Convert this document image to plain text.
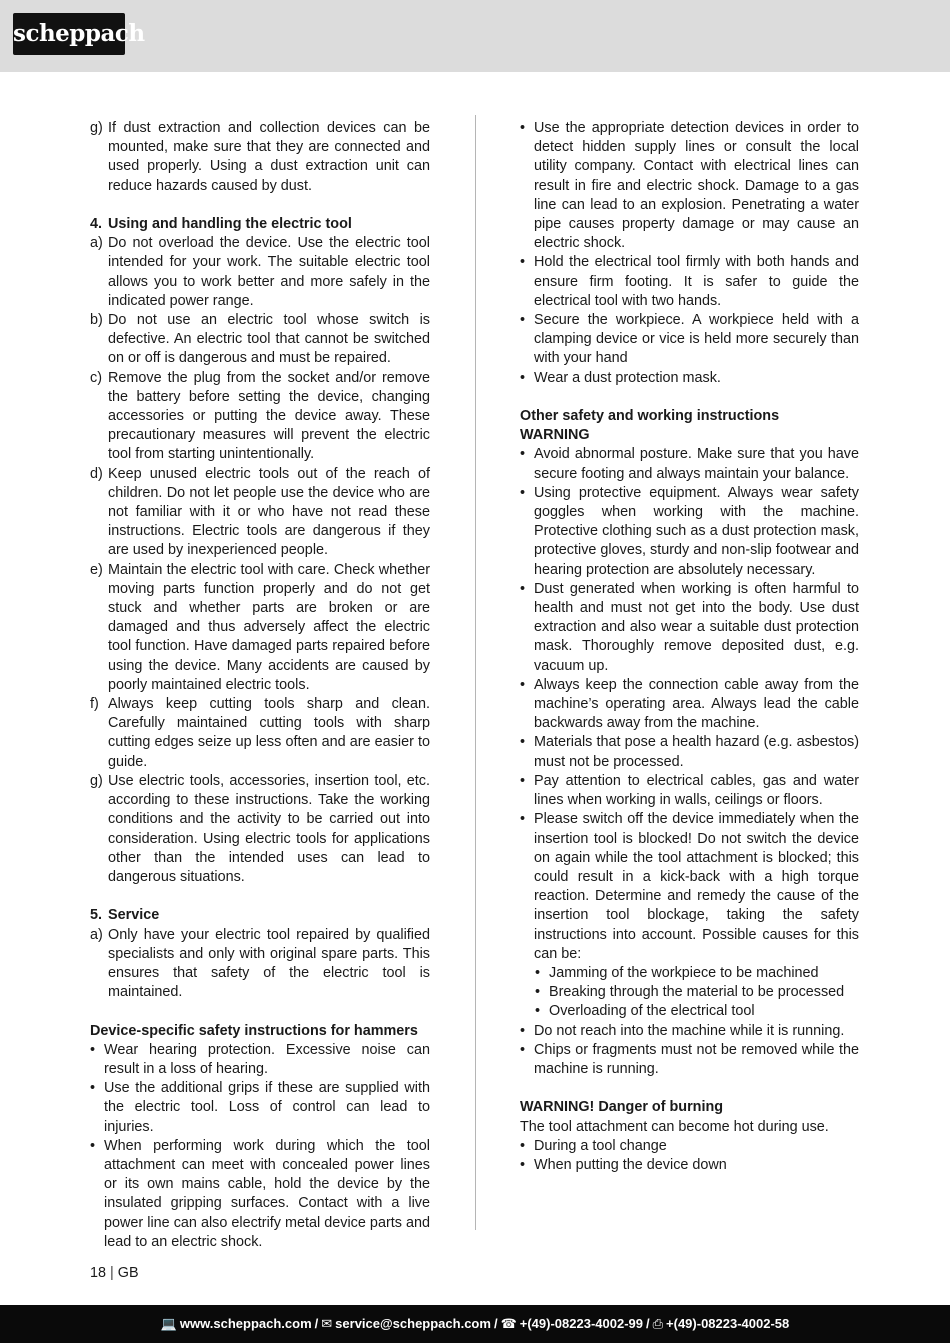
scheppach
g) If dust extraction and collection devices can be mounted, make sure that they are connected and used properly. Using a dust extraction unit can reduce hazards caused by dust.
4. Using and handling the electric tool
a) Do not overload the device. Use the electric tool intended for your work. The suitable electric tool allows you to work better and more safely in the indicated power range.
b) Do not use an electric tool whose switch is defective. An electric tool that cannot be switched on or off is dangerous and must be repaired.
c) Remove the plug from the socket and/or remove the battery before setting the device, changing accessories or putting the device away. These precautionary measures will prevent the electric tool from starting unintentionally.
d) Keep unused electric tools out of the reach of children. Do not let people use the device who are not familiar with it or who have not read these instructions. Electric tools are dangerous if they are used by inexperienced people.
e) Maintain the electric tool with care. Check whether moving parts function properly and do not get stuck and whether parts are broken or are damaged and thus adversely affect the electric tool function. Have damaged parts repaired before using the device. Many accidents are caused by poorly maintained electric tools.
f) Always keep cutting tools sharp and clean. Carefully maintained cutting tools with sharp cutting edges seize up less often and are easier to guide.
g) Use electric tools, accessories, insertion tool, etc. according to these instructions. Take the working conditions and the activity to be carried out into consideration. Using electric tools for applications other than the intended uses can lead to dangerous situations.
5. Service
a) Only have your electric tool repaired by qualified specialists and only with original spare parts. This ensures that safety of the electric tool is maintained.
Device-specific safety instructions for hammers
• Wear hearing protection. Excessive noise can result in a loss of hearing.
• Use the additional grips if these are supplied with the electric tool. Loss of control can lead to injuries.
• When performing work during which the tool attachment can meet with concealed power lines or its own mains cable, hold the device by the insulated gripping surfaces. Contact with a live power line can also electrify metal device parts and lead to an electric shock.
• Use the appropriate detection devices in order to detect hidden supply lines or consult the local utility company. Contact with electrical lines can result in fire and electric shock. Damage to a gas line can lead to an explosion. Penetrating a water pipe causes property damage or may cause an electric shock.
• Hold the electrical tool firmly with both hands and ensure firm footing. It is safer to guide the electrical tool with two hands.
• Secure the workpiece. A workpiece held with a clamping device or vice is held more securely than with your hand
• Wear a dust protection mask.
Other safety and working instructions
WARNING
• Avoid abnormal posture. Make sure that you have secure footing and always maintain your balance.
• Using protective equipment. Always wear safety goggles when working with the machine. Protective clothing such as a dust protection mask, protective gloves, sturdy and non-slip footwear and hearing protection are absolutely necessary.
• Dust generated when working is often harmful to health and must not get into the body. Use dust extraction and also wear a suitable dust protection mask. Thoroughly remove deposited dust, e.g. vacuum up.
• Always keep the connection cable away from the machine’s operating area. Always lead the cable backwards away from the machine.
• Materials that pose a health hazard (e.g. asbestos) must not be processed.
• Pay attention to electrical cables, gas and water lines when working in walls, ceilings or floors.
• Please switch off the device immediately when the insertion tool is blocked! Do not switch the device on again while the tool attachment is blocked; this could result in a kick-back with a high torque reaction. Determine and remedy the cause of the insertion tool blockage, taking the safety instructions into account. Possible causes for this can be:
• Jamming of the workpiece to be machined
• Breaking through the material to be processed
• Overloading of the electrical tool
• Do not reach into the machine while it is running.
• Chips or fragments must not be removed while the machine is running.
WARNING! Danger of burning
The tool attachment can become hot during use.
• During a tool change
• When putting the device down
18 | GB
💻 www.scheppach.com / ✉ service@scheppach.com / ☎ +(49)-08223-4002-99 / ⎙ +(49)-08223-4002-58
